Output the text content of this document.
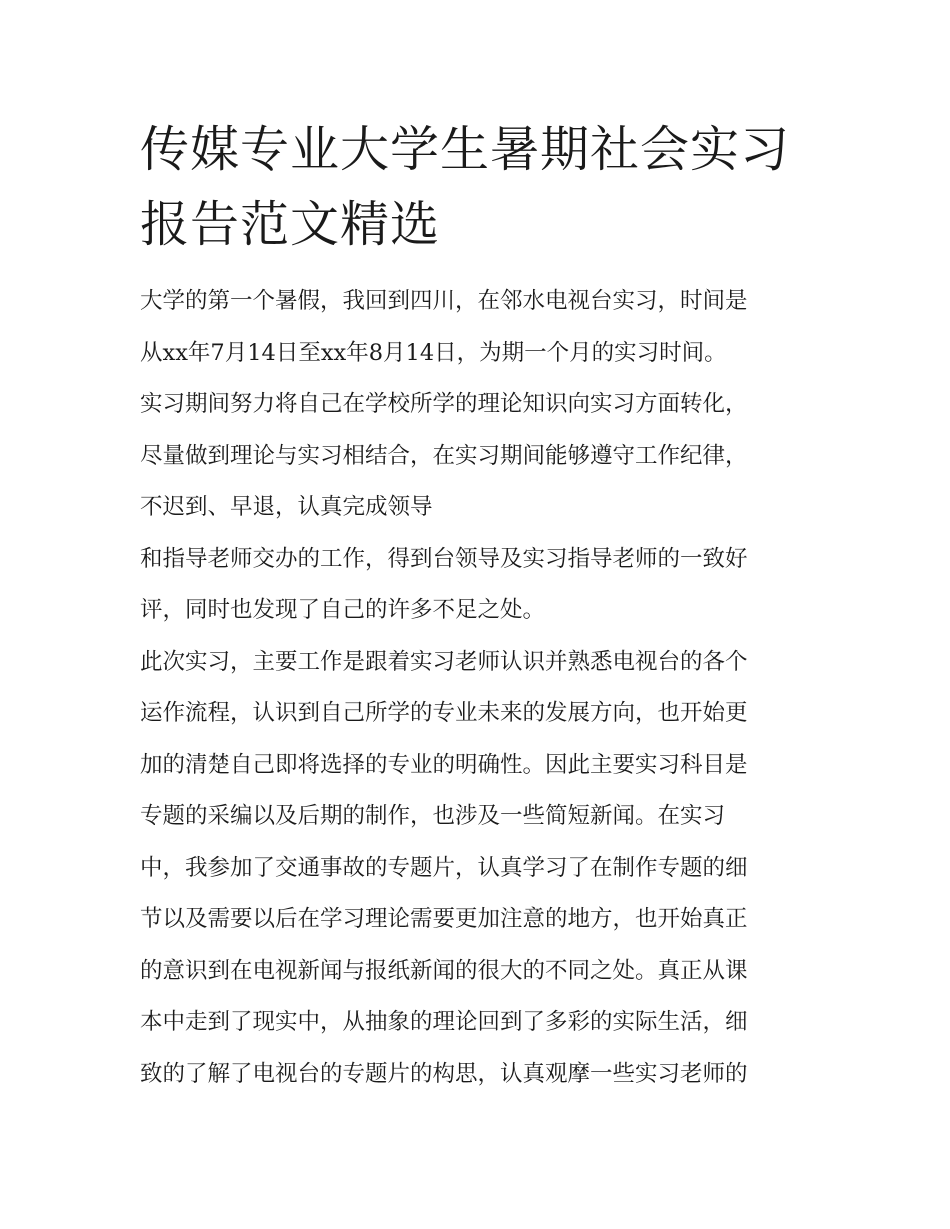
传媒专业大学生暑期社会实习
报告范文精选
大学的第一个暑假，我回到四川，在邻水电视台实习，时间是
从xx年7月14日至xx年8月14日，为期一个月的实习时间。
实习期间努力将自己在学校所学的理论知识向实习方面转化，
尽量做到理论与实习相结合，在实习期间能够遵守工作纪律，
不迟到、早退，认真完成领导
和指导老师交办的工作，得到台领导及实习指导老师的一致好
评，同时也发现了自己的许多不足之处。
此次实习，主要工作是跟着实习老师认识并熟悉电视台的各个
运作流程，认识到自己所学的专业未来的发展方向，也开始更
加的清楚自己即将选择的专业的明确性。因此主要实习科目是
专题的采编以及后期的制作，也涉及一些简短新闻。在实习
中，我参加了交通事故的专题片，认真学习了在制作专题的细
节以及需要以后在学习理论需要更加注意的地方，也开始真正
的意识到在电视新闻与报纸新闻的很大的不同之处。真正从课
本中走到了现实中，从抽象的理论回到了多彩的实际生活，细
致的了解了电视台的专题片的构思，认真观摩一些实习老师的
